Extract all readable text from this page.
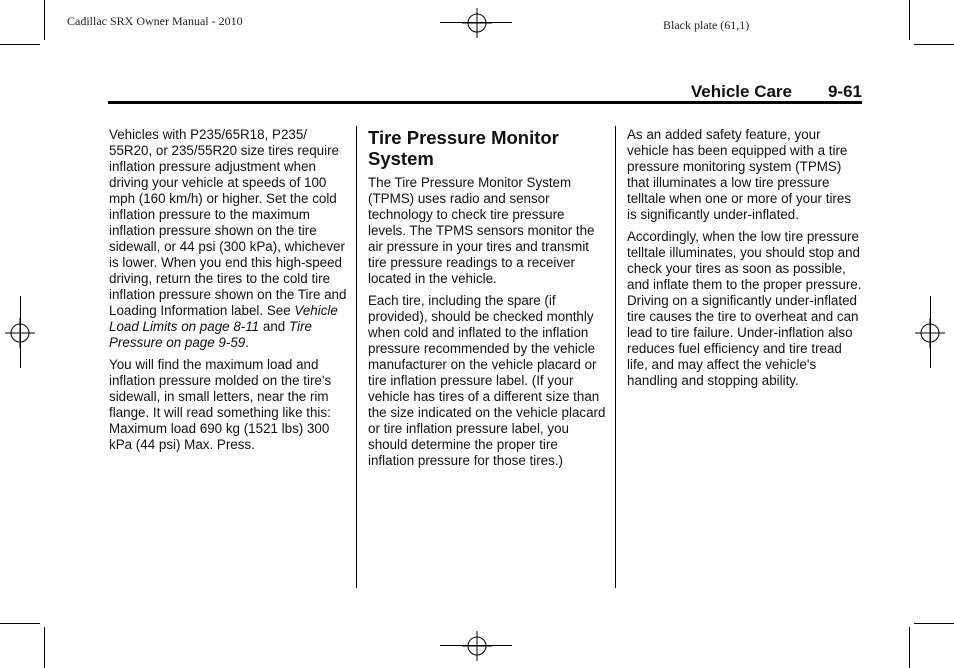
Cadillac SRX Owner Manual - 2010	Black plate (61,1)
Vehicle Care 9-61

Vehicles with P235/65R18, P235/ 55R20, or 235/55R20 size tires require inflation pressure adjustment when driving your vehicle at speeds of 100 mph (160 km/h) or higher. Set the cold inflation pressure to the maximum inflation pressure shown on the tire sidewall, or 44 psi (300 kPa), whichever is lower. When you end this high-speed driving, return the tires to the cold tire inflation pressure shown on the Tire and Loading Information label. See Vehicle Load Limits on page 8-11 and Tire Pressure on page 9-59.

You will find the maximum load and inflation pressure molded on the tire's sidewall, in small letters, near the rim flange. It will read something like this: Maximum load 690 kg (1521 lbs) 300 kPa (44 psi) Max. Press.

Tire Pressure Monitor System

The Tire Pressure Monitor System (TPMS) uses radio and sensor technology to check tire pressure levels. The TPMS sensors monitor the air pressure in your tires and transmit tire pressure readings to a receiver located in the vehicle.

Each tire, including the spare (if provided), should be checked monthly when cold and inflated to the inflation pressure recommended by the vehicle manufacturer on the vehicle placard or tire inflation pressure label. (If your vehicle has tires of a different size than the size indicated on the vehicle placard or tire inflation pressure label, you should determine the proper tire inflation pressure for those tires.)

As an added safety feature, your vehicle has been equipped with a tire pressure monitoring system (TPMS) that illuminates a low tire pressure telltale when one or more of your tires is significantly under-inflated.

Accordingly, when the low tire pressure telltale illuminates, you should stop and check your tires as soon as possible, and inflate them to the proper pressure. Driving on a significantly under-inflated tire causes the tire to overheat and can lead to tire failure. Under-inflation also reduces fuel efficiency and tire tread life, and may affect the vehicle's handling and stopping ability.
